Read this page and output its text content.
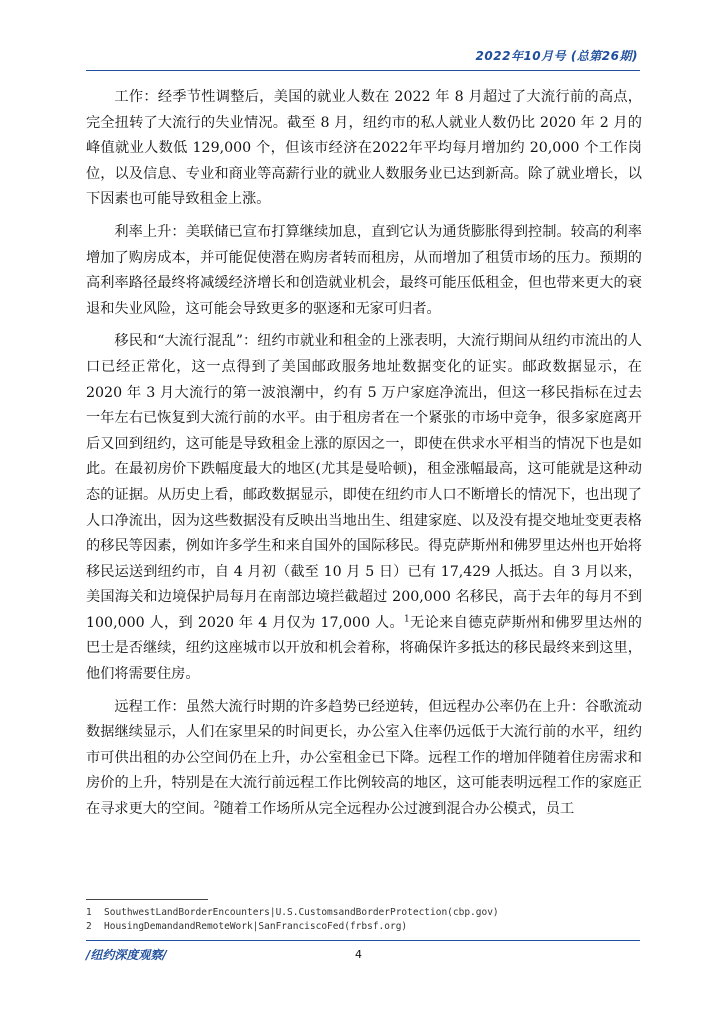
2022年10月号 (总第26期)

工作：经季节性调整后，美国的就业人数在 2022 年 8 月超过了大流行前的高点，完全扭转了大流行的失业情况。截至 8 月，纽约市的私人就业人数仍比 2020 年 2 月的峰值就业人数低 129,000 个，但该市经济在2022年平均每月增加约 20,000 个工作岗位，以及信息、专业和商业等高薪行业的就业人数服务业已达到新高。除了就业增长，以下因素也可能导致租金上涨。

利率上升：美联储已宣布打算继续加息，直到它认为通货膨胀得到控制。较高的利率增加了购房成本，并可能促使潜在购房者转而租房，从而增加了租赁市场的压力。预期的高利率路径最终将减缓经济增长和创造就业机会，最终可能压低租金，但也带来更大的衰退和失业风险，这可能会导致更多的驱逐和无家可归者。

移民和“大流行混乱”：纽约市就业和租金的上涨表明，大流行期间从纽约市流出的人口已经正常化，这一点得到了美国邮政服务地址数据变化的证实。邮政数据显示，在 2020 年 3 月大流行的第一波浪潮中，约有 5 万户家庭净流出，但这一移民指标在过去一年左右已恢复到大流行前的水平。由于租房者在一个紧张的市场中竞争，很多家庭离开后又回到纽约，这可能是导致租金上涨的原因之一，即使在供求水平相当的情况下也是如此。在最初房价下跌幅度最大的地区(尤其是曼哈顿)，租金涨幅最高，这可能就是这种动态的证据。从历史上看，邮政数据显示，即使在纽约市人口不断增长的情况下，也出现了人口净流出，因为这些数据没有反映出当地出生、组建家庭、以及没有提交地址变更表格的移民等因素，例如许多学生和来自国外的国际移民。得克萨斯州和佛罗里达州也开始将移民运送到纽约市，自 4 月初（截至 10 月 5 日）已有 17,429 人抵达。自 3 月以来，美国海关和边境保护局每月在南部边境拦截超过 200,000 名移民，高于去年的每月不到 100,000 人，到 2020 年 4 月仅为 17,000 人。$^1$无论来自德克萨斯州和佛罗里达州的巴士是否继续，纽约这座城市以开放和机会着称，将确保许多抵达的移民最终来到这里，他们将需要住房。

远程工作：虽然大流行时期的许多趋势已经逆转，但远程办公率仍在上升：谷歌流动数据继续显示，人们在家里呆的时间更长，办公室入住率仍远低于大流行前的水平，纽约市可供出租的办公空间仍在上升，办公室租金已下降。远程工作的增加伴随着住房需求和房价的上升，特别是在大流行前远程工作比例较高的地区，这可能表明远程工作的家庭正在寻求更大的空间。$^2$随着工作场所从完全远程办公过渡到混合办公模式，员工

1 SouthwestLandBorderEncounters|U.S.CustomsandBorderProtection(cbp.gov)
2 HousingDemandandRemoteWork|SanFranciscoFed(frbsf.org)
/纽约深度观察/	4
